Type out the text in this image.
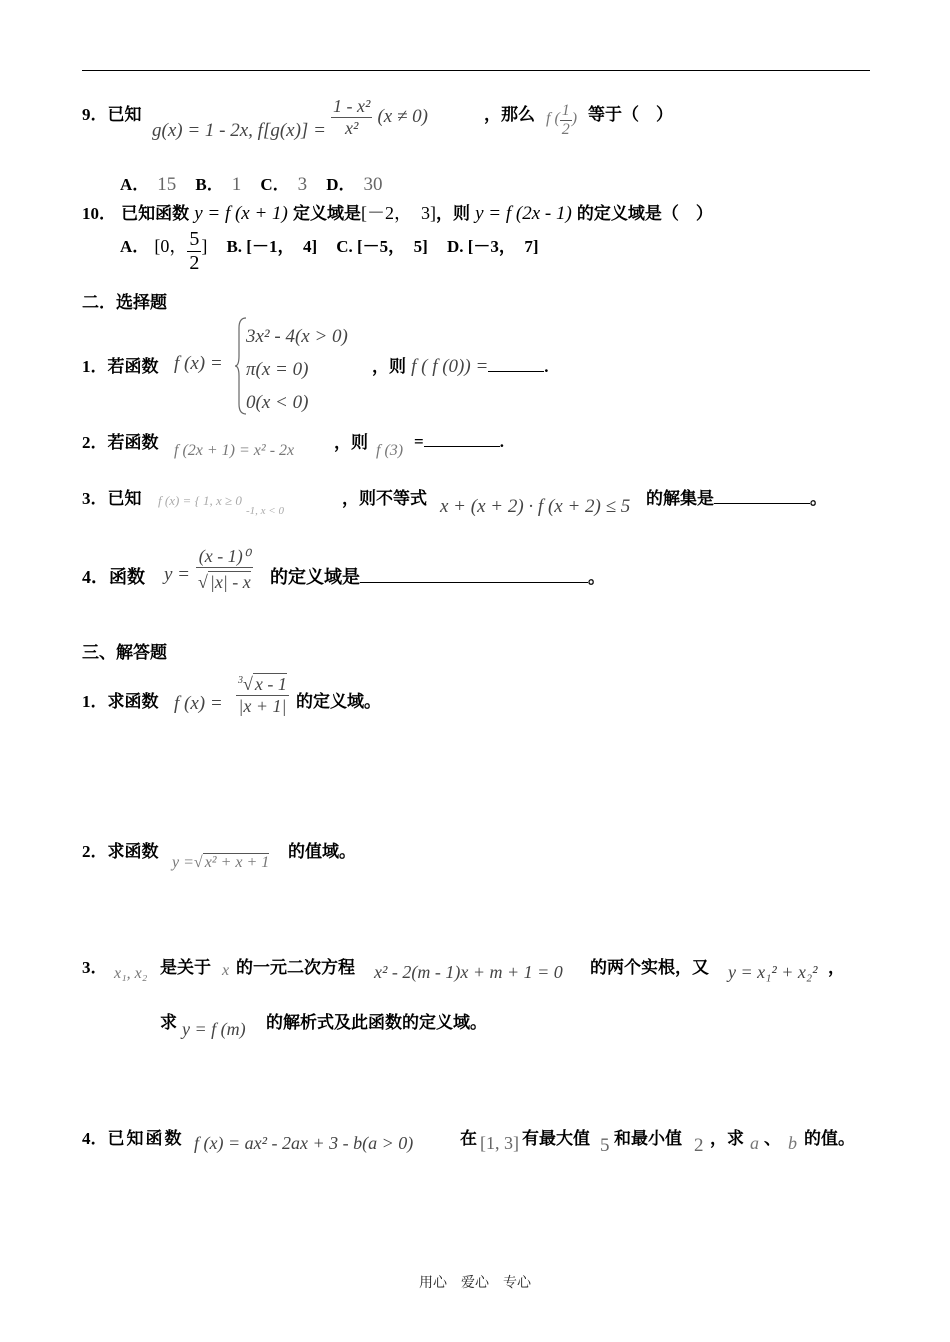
9．已知
g(x) = 1 - 2x, $f[g(x)] = \frac{\text{1 - x²}}{\text{x²}} (x \ne 0)$	，那么 f ( $\frac{1}{2}$ ) 等于（　）
A． 15 B． 1 C． 3 D． 30
10． 已知函数 y = f (x + 1) 定义域是[－2，　3]，则 y = f (2x - 1) 的定义域是（　）
A． [0， $\frac{5}{2}$ ] B. [－1，　4] C. [－5，　5] D. [－3，　7]
二．选择题
1．若函数 f (x) =
3x² - 4(x > 0)
π(x = 0)
0(x < 0)
，则 f ( f (0)) =	.
2．若函数 f (2x + 1) = x² - 2x ，则 f (3) =	.
3．已知 f (x) = { 1, x ≥ 0
-1, x < 0
，则不等式 x + (x + 2) · f (x + 2) ≤ 5 的解集是	。
4．函数 $y = \frac{\text{(x - 1)⁰}}{√ |x| - x}$ 的定义域是	。
三、解答题
1．求函数 f $(x) = \frac{^3√ x - 1}{|x + 1|}$ 的定义域。
2．求函数
y =√ x² + x + 1
的值域。
3． x₁, x₂ 是关于 x 的一元二次方程 x² - 2(m - 1)x + m + 1 = 0 的两个实根，又 y = x₁² + x₂² ，
求 y = f (m) 的解析式及此函数的定义域。
4．已知函数 f (x) = ax² - 2ax + 3 - b(a > 0)	在 [1, 3] 有最大值 5 和最小值 2 ，求 a 、 b 的值。
用心　爱心　专心
